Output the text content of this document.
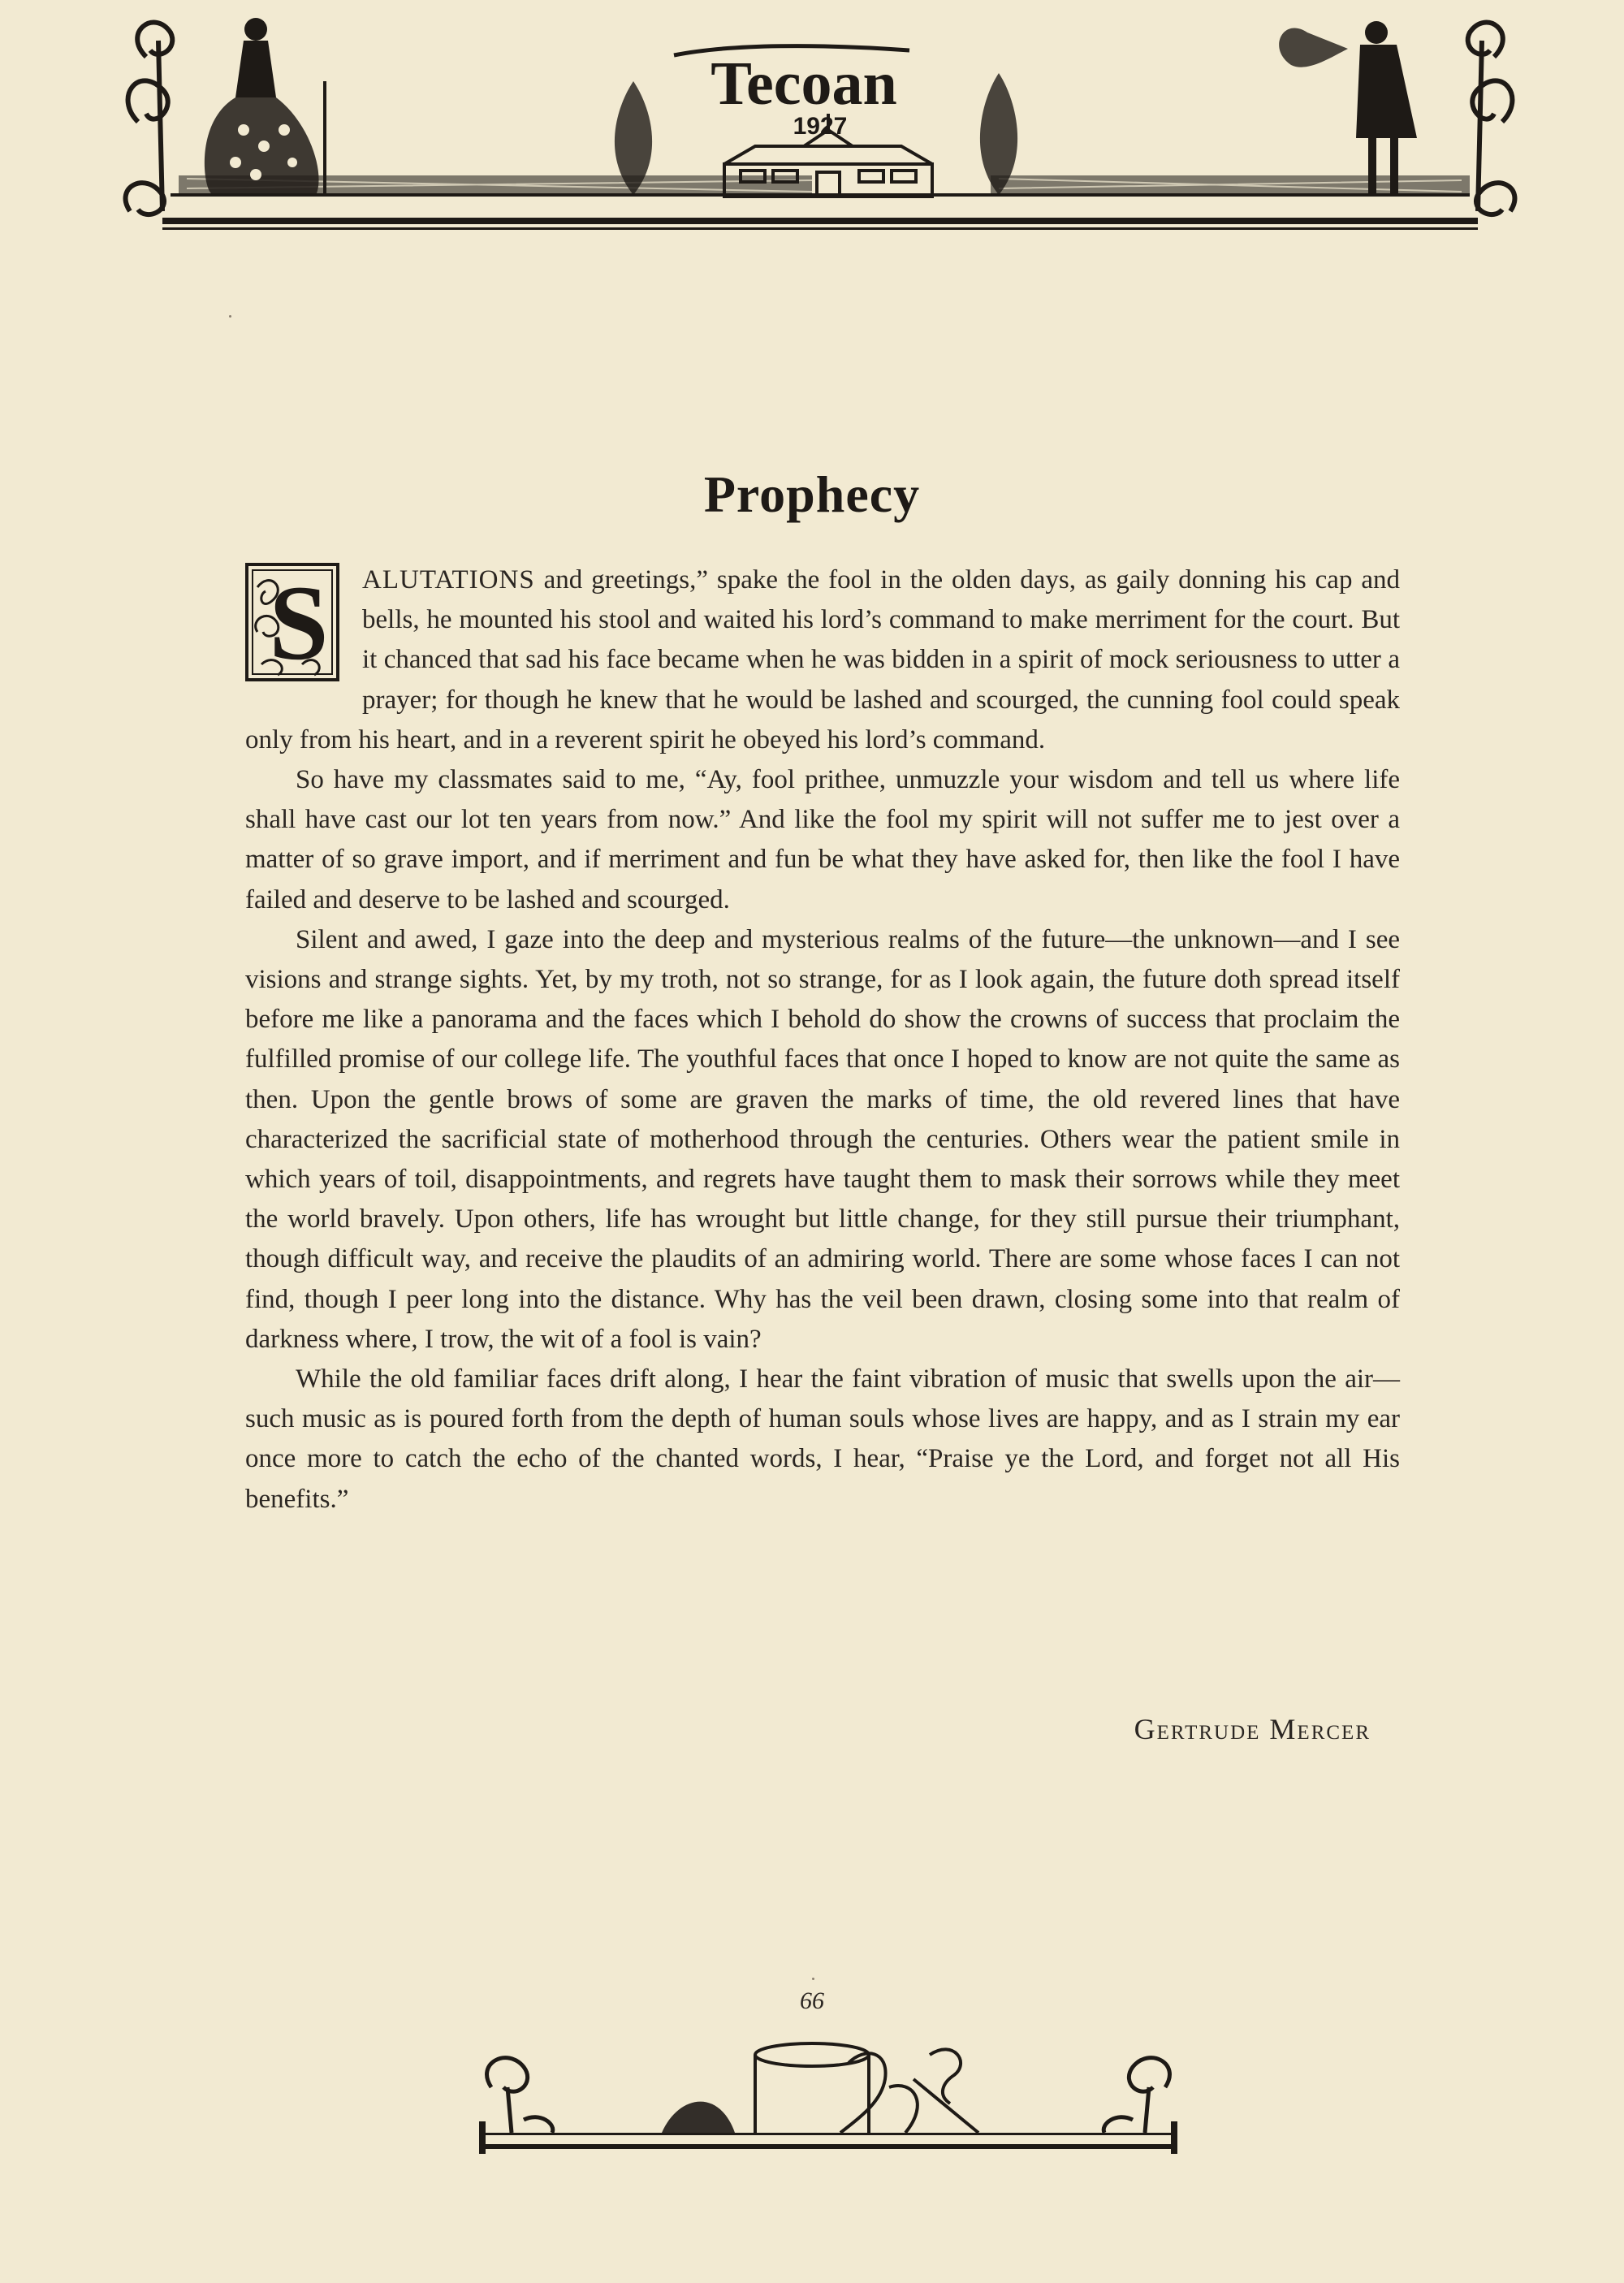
Tecoan
1927
Prophecy

S ALUTATIONS and greetings,” spake the fool in the olden days, as gaily donning his cap and bells, he mounted his stool and waited his lord’s command to make merriment for the court. But it chanced that sad his face became when he was bidden in a spirit of mock seriousness to utter a prayer; for though he knew that he would be lashed and scourged, the cunning fool could speak only from his heart, and in a reverent spirit he obeyed his lord’s command.

So have my classmates said to me, “Ay, fool prithee, unmuzzle your wisdom and tell us where life shall have cast our lot ten years from now.” And like the fool my spirit will not suffer me to jest over a matter of so grave import, and if merriment and fun be what they have asked for, then like the fool I have failed and deserve to be lashed and scourged.

Silent and awed, I gaze into the deep and mysterious realms of the future—the unknown—and I see visions and strange sights. Yet, by my troth, not so strange, for as I look again, the future doth spread itself before me like a panorama and the faces which I behold do show the crowns of success that proclaim the fulfilled promise of our college life. The youthful faces that once I hoped to know are not quite the same as then. Upon the gentle brows of some are graven the marks of time, the old revered lines that have characterized the sacrificial state of motherhood through the centuries. Others wear the patient smile in which years of toil, disappointments, and regrets have taught them to mask their sorrows while they meet the world bravely. Upon others, life has wrought but little change, for they still pursue their triumphant, though difficult way, and receive the plaudits of an admiring world. There are some whose faces I can not find, though I peer long into the distance. Why has the veil been drawn, closing some into that realm of darkness where, I trow, the wit of a fool is vain?

While the old familiar faces drift along, I hear the faint vibration of music that swells upon the air—such music as is poured forth from the depth of human souls whose lives are happy, and as I strain my ear once more to catch the echo of the chanted words, I hear, “Praise ye the Lord, and forget not all His benefits.”

Gertrude Mercer
66
